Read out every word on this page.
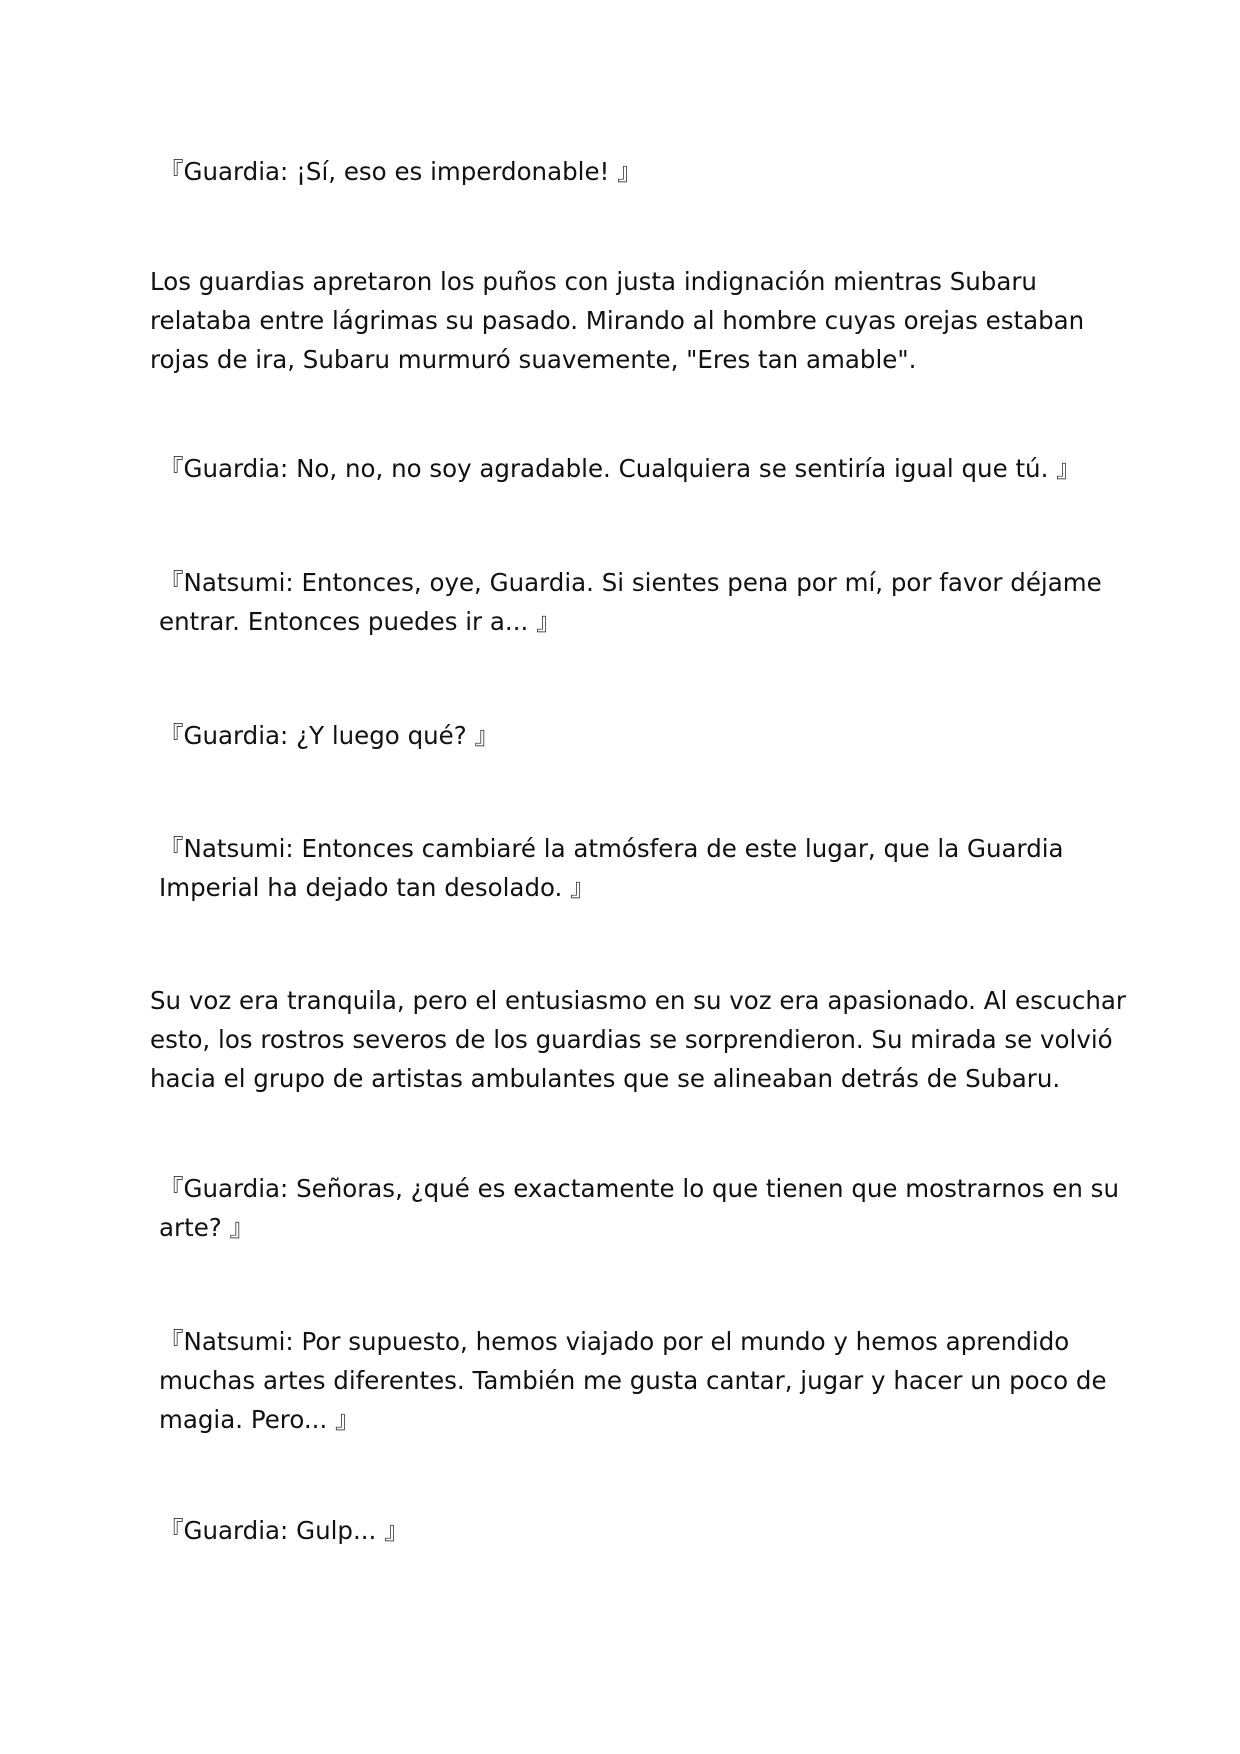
『Guardia: ¡Sí, eso es imperdonable! 』

Los guardias apretaron los puños con justa indignación mientras Subaru
relataba entre lágrimas su pasado. Mirando al hombre cuyas orejas estaban
rojas de ira, Subaru murmuró suavemente, "Eres tan amable".

『Guardia: No, no, no soy agradable. Cualquiera se sentiría igual que tú. 』

『Natsumi: Entonces, oye, Guardia. Si sientes pena por mí, por favor déjame
entrar. Entonces puedes ir a... 』

『Guardia: ¿Y luego qué? 』

『Natsumi: Entonces cambiaré la atmósfera de este lugar, que la Guardia
Imperial ha dejado tan desolado. 』

Su voz era tranquila, pero el entusiasmo en su voz era apasionado. Al escuchar
esto, los rostros severos de los guardias se sorprendieron. Su mirada se volvió
hacia el grupo de artistas ambulantes que se alineaban detrás de Subaru.

『Guardia: Señoras, ¿qué es exactamente lo que tienen que mostrarnos en su
arte? 』

『Natsumi: Por supuesto, hemos viajado por el mundo y hemos aprendido
muchas artes diferentes. También me gusta cantar, jugar y hacer un poco de
magia. Pero... 』

『Guardia: Gulp... 』
